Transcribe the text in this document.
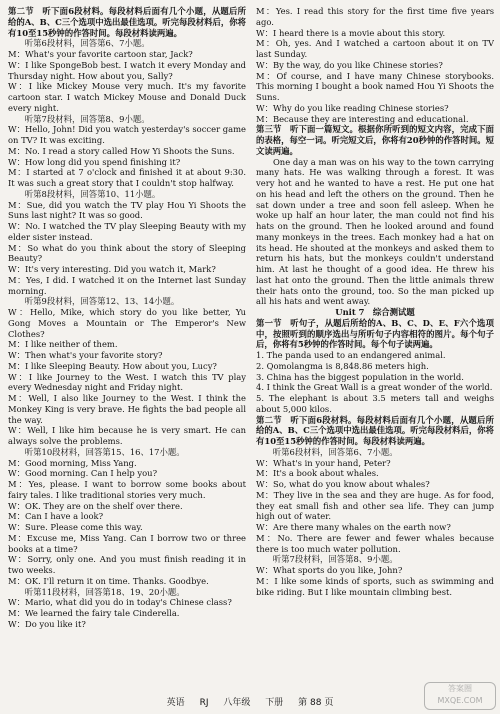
第二节　听下面6段材料。每段材料后面有几个小题，从题后所给的A、B、C三个选项中选出最佳选项。听完每段材料后，你将有10至15秒钟的作答时间。每段材料读两遍。

　　听第6段材料，回答第6、7小题。

M：What's your favorite cartoon star, Jack?

W：I like SpongeBob best. I watch it every Monday and Thursday night. How about you, Sally?

W：I like Mickey Mouse very much. It's my favorite cartoon star. I watch Mickey Mouse and Donald Duck every night.

　　听第7段材料，回答第8、9小题。

W：Hello, John! Did you watch yesterday's soccer game on TV? It was exciting.

M：No. I read a story called How Yi Shoots the Suns.

W：How long did you spend finishing it?

M：I started at 7 o'clock and finished it at about 9:30. It was such a great story that I couldn't stop halfway.

　　听第8段材料，回答第10、11小题。

M：Sue, did you watch the TV play Hou Yi Shoots the Suns last night? It was so good.

W：No. I watched the TV play Sleeping Beauty with my elder sister instead.

M：So what do you think about the story of Sleeping Beauty?

W：It's very interesting. Did you watch it, Mark?

M：Yes, I did. I watched it on the Internet last Sunday morning.

　　听第9段材料，回答第12、13、14小题。

W：Hello, Mike, which story do you like better, Yu Gong Moves a Mountain or The Emperor's New Clothes?

M：I like neither of them.

W：Then what's your favorite story?

M：I like Sleeping Beauty. How about you, Lucy?

W：I like Journey to the West. I watch this TV play every Wednesday night and Friday night.

M：Well, I also like Journey to the West. I think the Monkey King is very brave. He fights the bad people all the way.

W：Well, I like him because he is very smart. He can always solve the problems.

　　听第10段材料，回答第15、16、17小题。

M：Good morning, Miss Yang.

W：Good morning. Can I help you?

M：Yes, please. I want to borrow some books about fairy tales. I like traditional stories very much.

W：OK. They are on the shelf over there.

M：Can I have a look?

W：Sure. Please come this way.

M：Excuse me, Miss Yang. Can I borrow two or three books at a time?

W：Sorry, only one. And you must finish reading it in two weeks.

M：OK. I'll return it on time. Thanks. Goodbye.

　　听第11段材料，回答第18、19、20小题。

W：Mario, what did you do in today's Chinese class?

M：We learned the fairy tale Cinderella.

W：Do you like it?

M：Yes. I read this story for the first time five years ago.

W：I heard there is a movie about this story.

M：Oh, yes. And I watched a cartoon about it on TV last Sunday.

W：By the way, do you like Chinese stories?

M：Of course, and I have many Chinese storybooks. This morning I bought a book named Hou Yi Shoots the Suns.

W：Why do you like reading Chinese stories?

M：Because they are interesting and educational.

第三节　听下面一篇短文。根据你所听到的短文内容，完成下面的表格，每空一词。听完短文后，你将有20秒钟的作答时间。短文读两遍。

　　One day a man was on his way to the town carrying many hats. He was walking through a forest. It was very hot and he wanted to have a rest. He put one hat on his head and left the others on the ground. Then he sat down under a tree and soon fell asleep. When he woke up half an hour later, the man could not find his hats on the ground. Then he looked around and found many monkeys in the trees. Each monkey had a hat on its head. He shouted at the monkeys and asked them to return his hats, but the monkeys couldn't understand him. At last he thought of a good idea. He threw his last hat onto the ground. Then the little animals threw their hats onto the ground, too. So the man picked up all his hats and went away.

Unit 7　综合测试题

第一节　听句子，从题后所给的A、B、C、D、E、F六个选项中，按照听到的顺序选出与所听句子内容相符的图片。每个句子后，你将有5秒钟的作答时间。每个句子读两遍。

1. The panda used to an endangered animal.

2. Qomolangma is 8,848.86 meters high.

3. China has the biggest population in the world.

4. I think the Great Wall is a great wonder of the world.

5. The elephant is about 3.5 meters tall and weighs about 5,000 kilos.

第二节　听下面6段材料。每段材料后面有几个小题，从题后所给的A、B、C三个选项中选出最佳选项。听完每段材料后，你将有10至15秒钟的作答时间。每段材料读两遍。

　　听第6段材料，回答第6、7小题。

W：What's in your hand, Peter?

M：It's a book about whales.

W：So, what do you know about whales?

M：They live in the sea and they are huge. As for food, they eat small fish and other sea life. They can jump high out of water.

W：Are there many whales on the earth now?

M：No. There are fewer and fewer whales because there is too much water pollution.

　　听第7段材料，回答第8、9小题。

W：What sports do you like, John?

M：I like some kinds of sports, such as swimming and bike riding. But I like mountain climbing best.

英语 RJ 八年级 下册 第 88 页
答案圈
MXQE.COM
